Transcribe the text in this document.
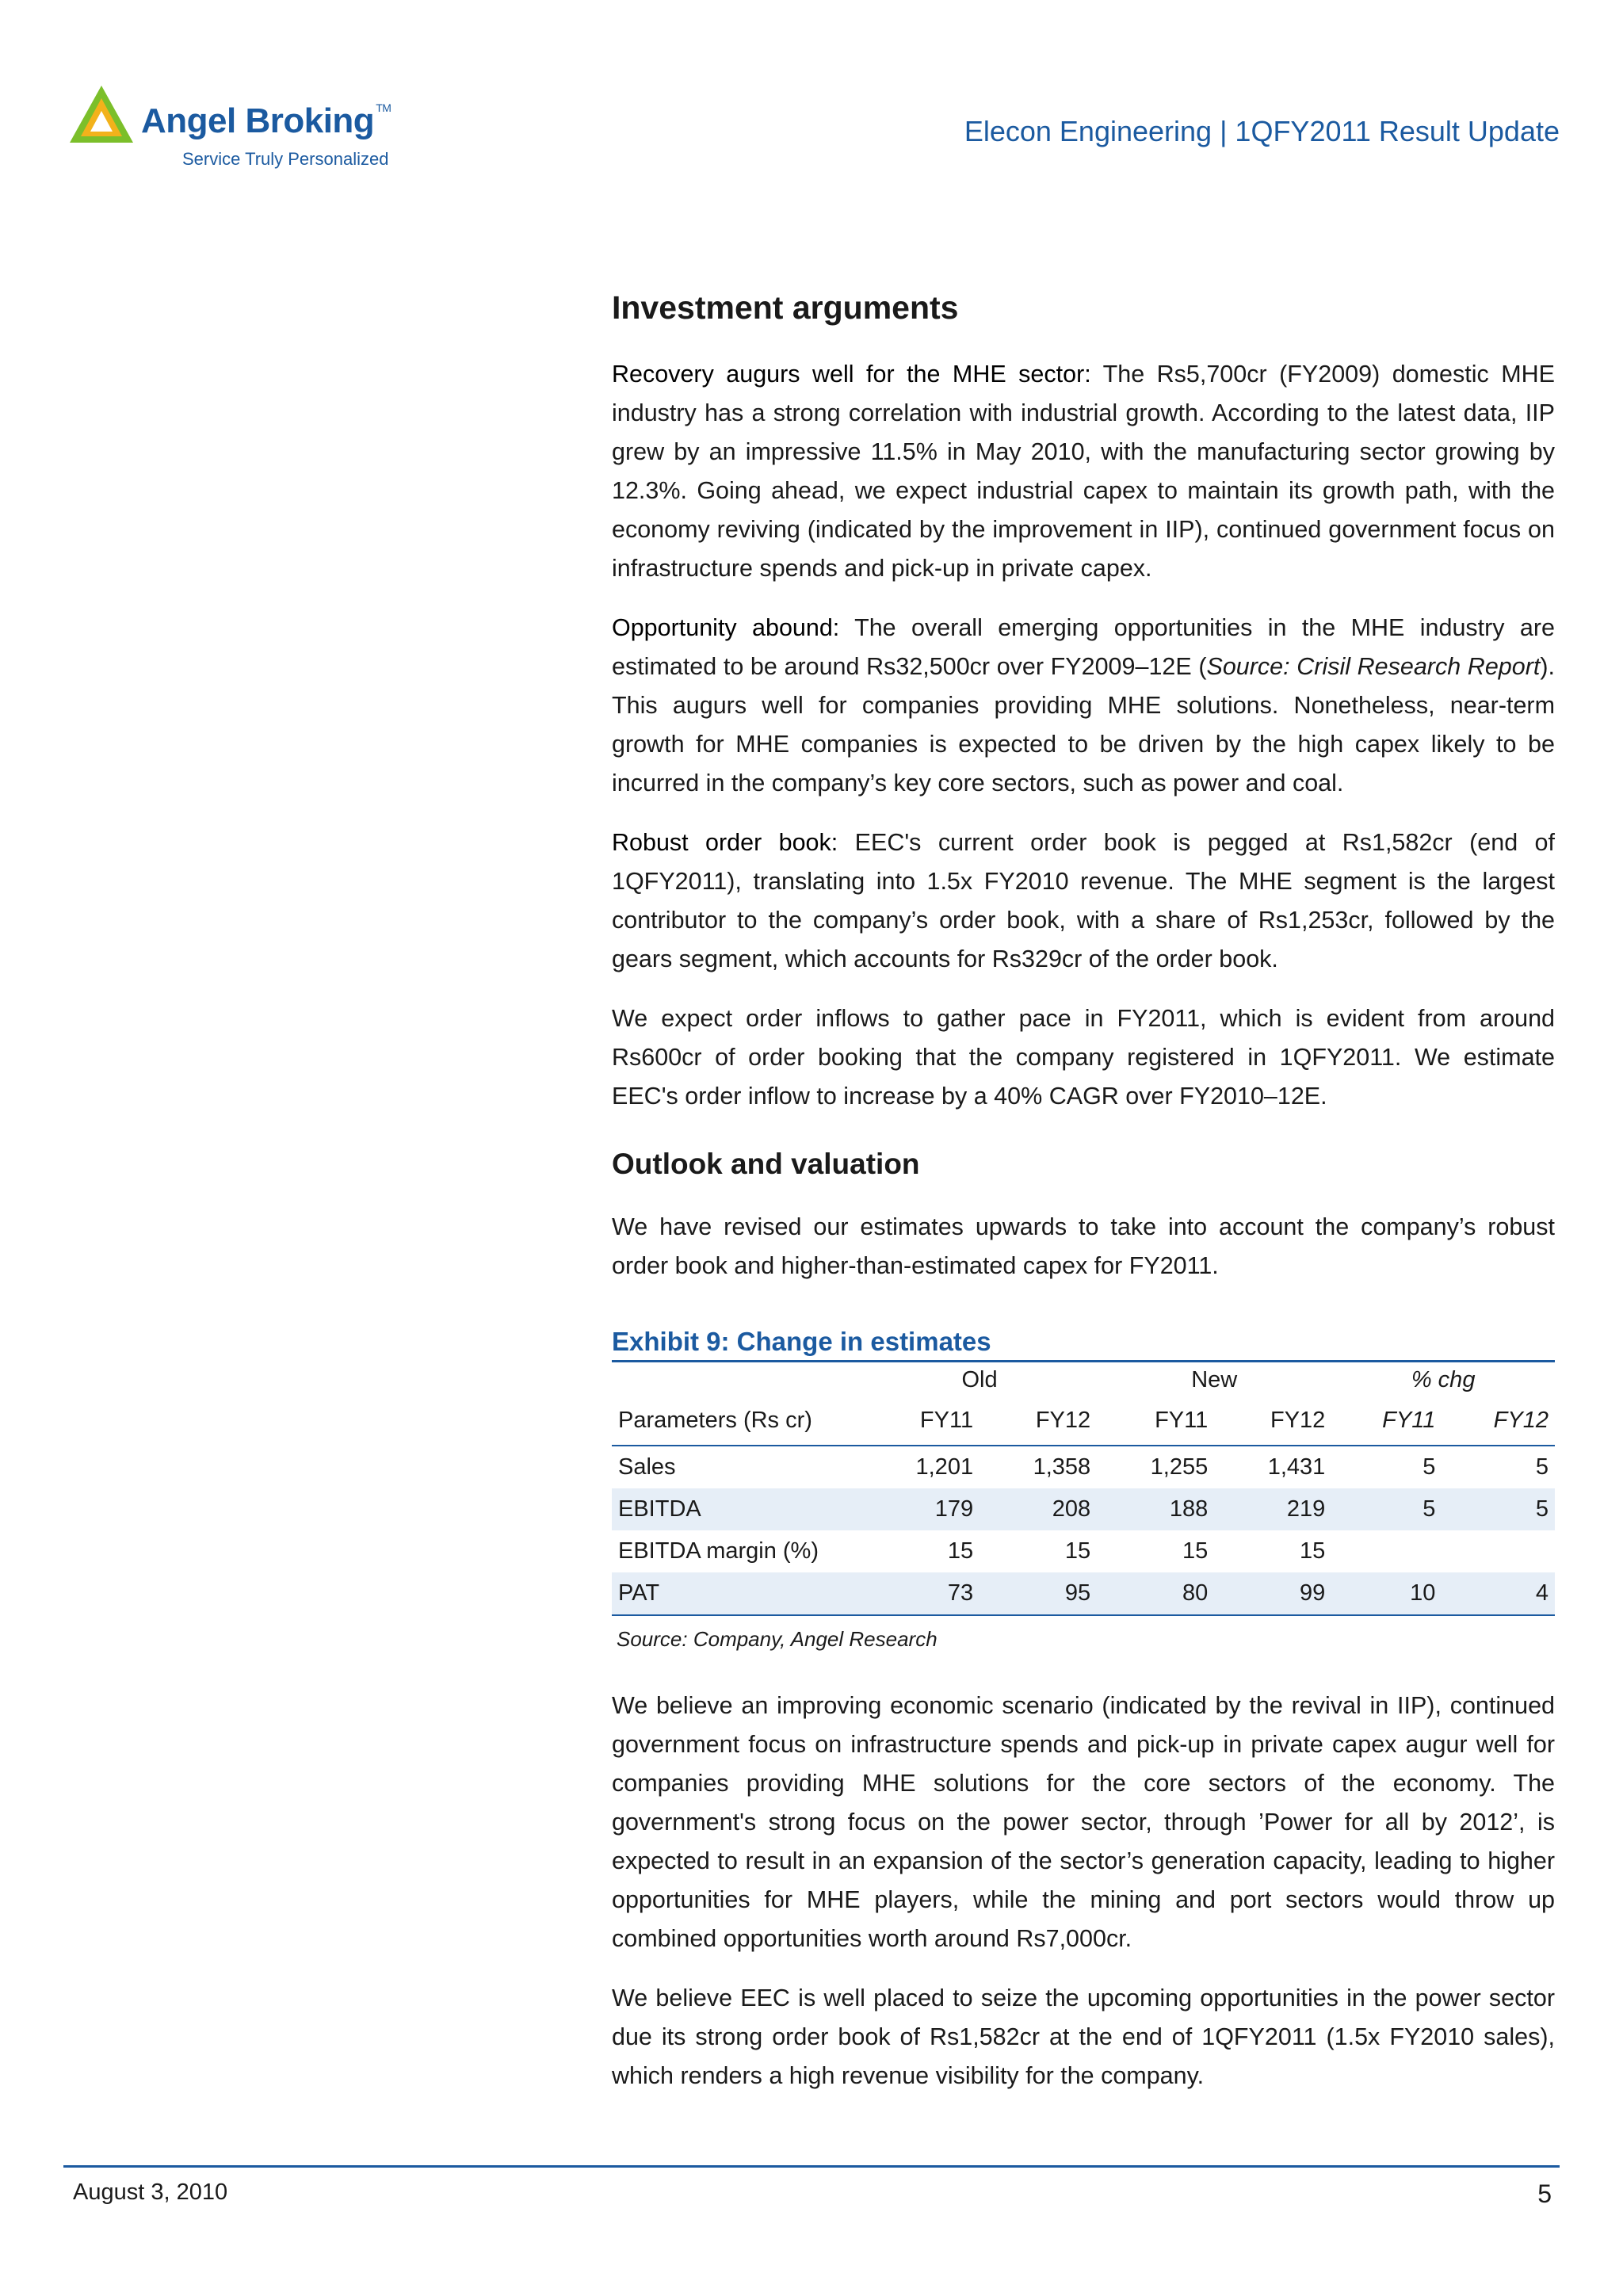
Angel Broking ™
Service Truly Personalized
Elecon Engineering | 1QFY2011 Result Update
Investment arguments

Recovery augurs well for the MHE sector: The Rs5,700cr (FY2009) domestic MHE industry has a strong correlation with industrial growth. According to the latest data, IIP grew by an impressive 11.5% in May 2010, with the manufacturing sector growing by 12.3%. Going ahead, we expect industrial capex to maintain its growth path, with the economy reviving (indicated by the improvement in IIP), continued government focus on infrastructure spends and pick-up in private capex.

Opportunity abound: The overall emerging opportunities in the MHE industry are estimated to be around Rs32,500cr over FY2009–12E (Source: Crisil Research Report). This augurs well for companies providing MHE solutions. Nonetheless, near-term growth for MHE companies is expected to be driven by the high capex likely to be incurred in the company’s key core sectors, such as power and coal.

Robust order book: EEC's current order book is pegged at Rs1,582cr (end of 1QFY2011), translating into 1.5x FY2010 revenue. The MHE segment is the largest contributor to the company’s order book, with a share of Rs1,253cr, followed by the gears segment, which accounts for Rs329cr of the order book.

We expect order inflows to gather pace in FY2011, which is evident from around Rs600cr of order booking that the company registered in 1QFY2011. We estimate EEC's order inflow to increase by a 40% CAGR over FY2010–12E.

Outlook and valuation

We have revised our estimates upwards to take into account the company’s robust order book and higher-than-estimated capex for FY2011.

Exhibit 9: Change in estimates
	Old		New		% chg	
Parameters (Rs cr)	FY11	FY12	FY11	FY12	FY11	FY12
Sales	1,201	1,358	1,255	1,431	5	5
EBITDA	179	208	188	219	5	5
EBITDA margin (%)	15	15	15	15		
PAT	73	95	80	99	10	4
Source: Company, Angel Research

We believe an improving economic scenario (indicated by the revival in IIP), continued government focus on infrastructure spends and pick-up in private capex augur well for companies providing MHE solutions for the core sectors of the economy. The government's strong focus on the power sector, through ’Power for all by 2012’, is expected to result in an expansion of the sector’s generation capacity, leading to higher opportunities for MHE players, while the mining and port sectors would throw up combined opportunities worth around Rs7,000cr.

We believe EEC is well placed to seize the upcoming opportunities in the power sector due its strong order book of Rs1,582cr at the end of 1QFY2011 (1.5x FY2010 sales), which renders a high revenue visibility for the company.

August 3, 2010	5
